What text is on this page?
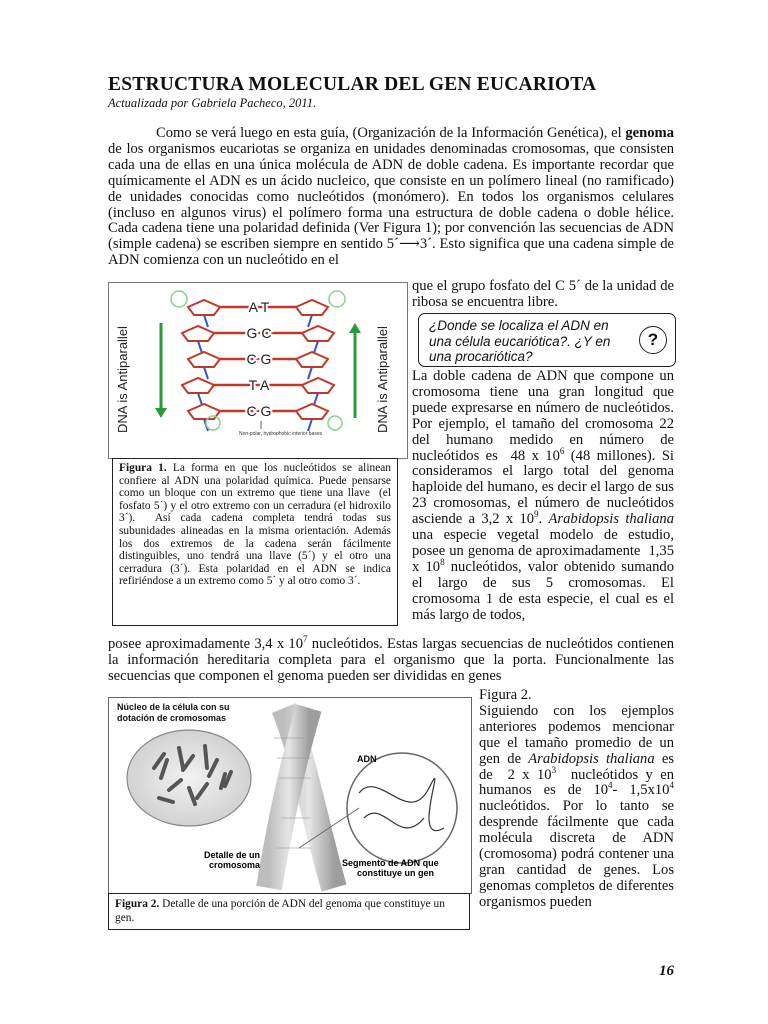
ESTRUCTURA MOLECULAR DEL GEN EUCARIOTA
Actualizada por Gabriela Pacheco, 2011.

Como se verá luego en esta guía, (Organización de la Información Genética), el genoma de los organismos eucariotas se organiza en unidades denominadas cromosomas, que consisten cada una de ellas en una única molécula de ADN de doble cadena. Es importante recordar que químicamente el ADN es un ácido nucleico, que consiste en un polímero lineal (no ramificado) de unidades conocidas como nucleótidos (monómero). En todos los organismos celulares (incluso en algunos virus) el polímero forma una estructura de doble cadena o doble hélice. Cada cadena tiene una polaridad definida (Ver Figura 1); por convención las secuencias de ADN (simple cadena) se escriben siempre en sentido 5´⟶3´. Esto significa que una cadena simple de ADN comienza con un nucleótido en el

DNA is Antiparallel	DNA is Antiparallel
A T
G C
C G
T A
C G
Non-polar, hydrophobic interior bases
Figura 1. La forma en que los nucleótidos se alinean confiere al ADN una polaridad química. Puede pensarse como un bloque con un extremo que tiene una llave  (el fosfato 5´) y el otro extremo con un cerradura (el hidroxilo 3´).  Así cada cadena completa tendrá todas sus subunidades alineadas en la misma orientación. Además los dos extremos de la cadena serán fácilmente distinguibles, uno tendrá una llave (5´) y el otro una cerradura (3´). Esta polaridad en el ADN se indica refiriéndose a un extremo como 5´ y al otro como 3´.

que el grupo fosfato del C 5´ de la unidad de ribosa se encuentra libre.

¿Donde se localiza el ADN en una célula eucariótica?. ¿Y en una procariótica?
?

La doble cadena de ADN que compone un cromosoma tiene una gran longitud que puede expresarse en número de nucleótidos. Por ejemplo, el tamaño del cromosoma 22 del humano medido en número de nucleótidos es  48 x $10^6$ (48 millones). Si consideramos el largo total del genoma haploide del humano, es decir el largo de sus 23 cromosomas, el número de nucleótidos asciende a 3,2 x $10^9$. Arabidopsis thaliana una especie vegetal modelo de estudio, posee un genoma de aproximadamente  1,35 x $10^8$ nucleótidos, valor obtenido sumando el largo de sus 5 cromosomas. El cromosoma 1 de esta especie, el cual es el más largo de todos,

posee aproximadamente 3,4 x $10^7$ nucleótidos. Estas largas secuencias de nucleótidos contienen la información hereditaria completa para el organismo que la porta. Funcionalmente las secuencias que componen el genoma pueden ser divididas en genes

Núcleo de la célula con su dotación de cromosomas
ADN
Detalle de un cromosoma	Segmento de ADN que constituye un gen
Figura 2. Detalle de una porción de ADN del genoma que constituye un gen.

Figura 2.
Siguiendo con los ejemplos anteriores podemos mencionar que el tamaño promedio de un gen de Arabidopsis thaliana es de  2 x $10^3$  nucleótidos y en humanos es de $10^4-$ $1,5x10^4$ nucleótidos. Por lo tanto se desprende fácilmente que cada molécula discreta de ADN (cromosoma) podrá contener una gran cantidad de genes. Los genomas completos de diferentes organismos pueden

16
